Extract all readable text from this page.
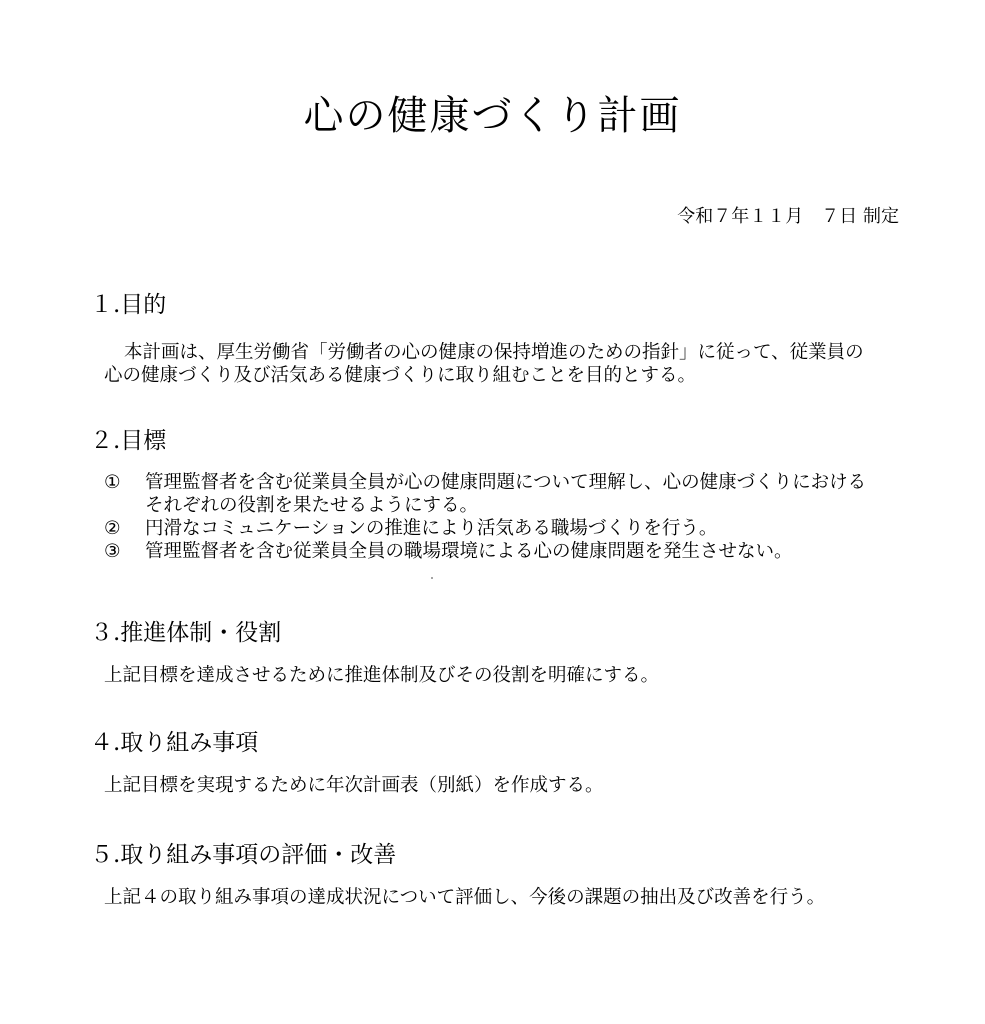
心の健康づくり計画
令和７年１１月　７日 制定
１.目的
本計画は、厚生労働省「労働者の心の健康の保持増進のための指針」に従って、従業員の
心の健康づくり及び活気ある健康づくりに取り組むことを目的とする。
２.目標
①	管理監督者を含む従業員全員が心の健康問題について理解し、心の健康づくりにおける
それぞれの役割を果たせるようにする。
②	円滑なコミュニケーションの推進により活気ある職場づくりを行う。
③	管理監督者を含む従業員全員の職場環境による心の健康問題を発生させない。
３.推進体制・役割
上記目標を達成させるために推進体制及びその役割を明確にする。
４.取り組み事項
上記目標を実現するために年次計画表（別紙）を作成する。
５.取り組み事項の評価・改善
上記４の取り組み事項の達成状況について評価し、今後の課題の抽出及び改善を行う。
